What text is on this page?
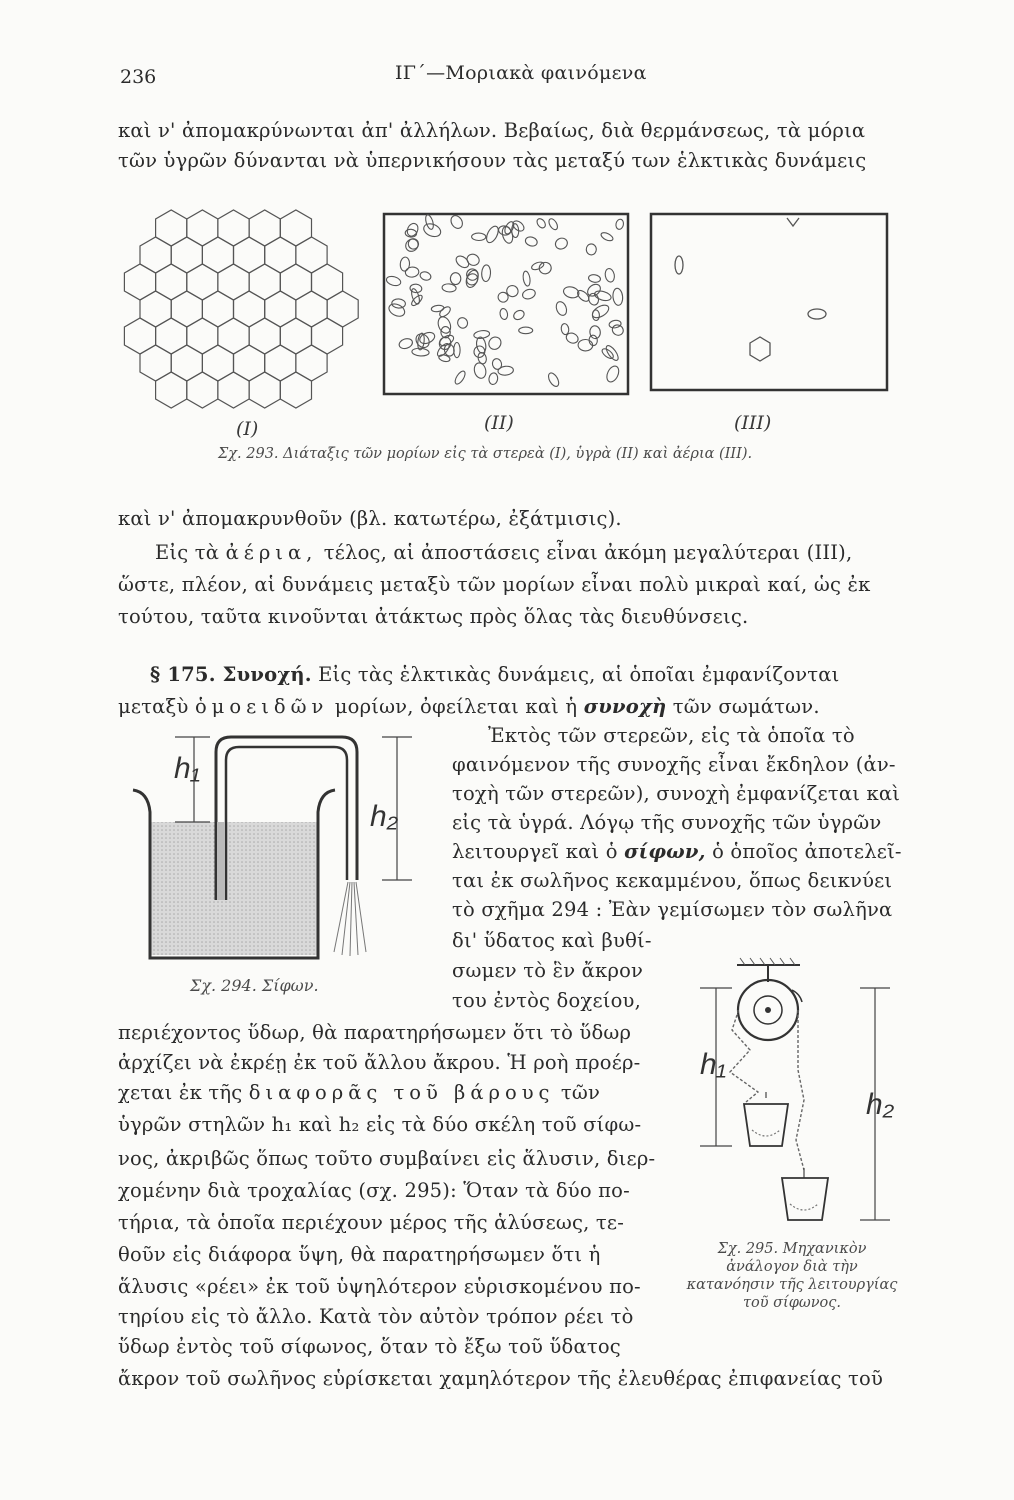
236	ΙΓ΄—Μοριακὰ φαινόμενα
καὶ ν' ἀπομακρύνωνται ἀπ' ἀλλήλων. Βεβαίως, διὰ θερμάνσεως, τὰ μόρια
τῶν ὑγρῶν δύνανται νὰ ὑπερνικήσουν τὰς μεταξύ των ἑλκτικὰς δυνάμεις
(I)	(II)	(III)
Σχ. 293. Διάταξις τῶν μορίων εἰς τὰ στερεὰ (I), ὑγρὰ (II) καὶ ἀέρια (III).
καὶ ν' ἀπομακρυνθοῦν (βλ. κατωτέρω, ἐξάτμισις).
Εἰς τὰ ἀέρια, τέλος, αἱ ἀποστάσεις εἶναι ἀκόμη μεγαλύτεραι (III),
ὥστε, πλέον, αἱ δυνάμεις μεταξὺ τῶν μορίων εἶναι πολὺ μικραὶ καί, ὡς ἐκ
τούτου, ταῦτα κινοῦνται ἀτάκτως πρὸς ὅλας τὰς διευθύνσεις.
§ 175. Συνοχή. Εἰς τὰς ἑλκτικὰς δυνάμεις, αἱ ὁποῖαι ἐμφανίζονται
μεταξὺ ὁμοειδῶν μορίων, ὀφείλεται καὶ ἡ συνοχὴ τῶν σωμάτων.
Ἐκτὸς τῶν στερεῶν, εἰς τὰ ὁποῖα τὸ
φαινόμενον τῆς συνοχῆς εἶναι ἔκδηλον (ἀν-
τοχὴ τῶν στερεῶν), συνοχὴ ἐμφανίζεται καὶ
εἰς τὰ ὑγρά. Λόγῳ τῆς συνοχῆς τῶν ὑγρῶν
λειτουργεῖ καὶ ὁ σίφων, ὁ ὁποῖος ἀποτελεῖ-
ται ἐκ σωλῆνος κεκαμμένου, ὅπως δεικνύει
τὸ σχῆμα 294 : Ἐὰν γεμίσωμεν τὸν σωλῆνα
δι' ὕδατος καὶ βυθί-
σωμεν τὸ ἓν ἄκρον
του ἐντὸς δοχείου,
h₁
h₂
Σχ. 294. Σίφων.
περιέχοντος ὕδωρ, θὰ παρατηρήσωμεν ὅτι τὸ ὕδωρ
ἀρχίζει νὰ ἐκρέῃ ἐκ τοῦ ἄλλου ἄκρου. Ἡ ροὴ προέρ-
χεται ἐκ τῆς διαφορᾶς τοῦ βάρους τῶν
ὑγρῶν στηλῶν h₁ καὶ h₂ εἰς τὰ δύο σκέλη τοῦ σίφω-
νος, ἀκριβῶς ὅπως τοῦτο συμβαίνει εἰς ἅλυσιν, διερ-
χομένην διὰ τροχαλίας (σχ. 295): Ὅταν τὰ δύο πο-
τήρια, τὰ ὁποῖα περιέχουν μέρος τῆς ἁλύσεως, τε-
θοῦν εἰς διάφορα ὕψη, θὰ παρατηρήσωμεν ὅτι ἡ
ἅλυσις «ρέει» ἐκ τοῦ ὑψηλότερον εὑρισκομένου πο-
τηρίου εἰς τὸ ἄλλο. Κατὰ τὸν αὐτὸν τρόπον ρέει τὸ
ὕδωρ ἐντὸς τοῦ σίφωνος, ὅταν τὸ ἔξω τοῦ ὕδατος
ἄκρον τοῦ σωλῆνος εὑρίσκεται χαμηλότερον τῆς ἐλευθέρας ἐπιφανείας τοῦ
h₁
h₂
Σχ. 295. Μηχανικὸν ἀνάλογον διὰ τὴν κατανόησιν τῆς λειτουργίας τοῦ σίφωνος.
